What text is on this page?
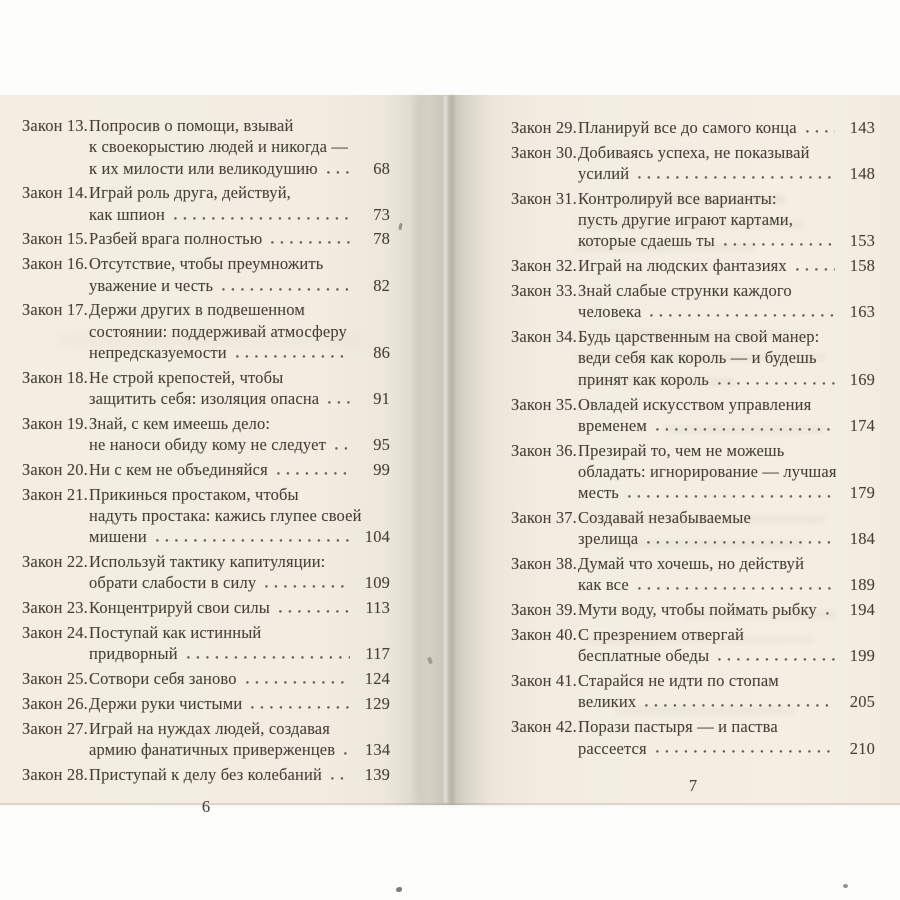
Закон 13. Попросив о помощи, взывай
к своекорыстию людей и никогда —
к их милости или великодушию	68
Закон 14. Играй роль друга, действуй,
как шпион	73
Закон 15. Разбей врага полностью	78
Закон 16. Отсутствие, чтобы преумножить
уважение и честь	82
Закон 17. Держи других в подвешенном
состоянии: поддерживай атмосферу
непредсказуемости	86
Закон 18. Не строй крепостей, чтобы
защитить себя: изоляция опасна	91
Закон 19. Знай, с кем имеешь дело:
не наноси обиду кому не следует	95
Закон 20. Ни с кем не объединяйся	99
Закон 21. Прикинься простаком, чтобы
надуть простака: кажись глупее своей
мишени	104
Закон 22. Используй тактику капитуляции:
обрати слабости в силу	109
Закон 23. Концентрируй свои силы	113
Закон 24. Поступай как истинный
придворный	117
Закон 25. Сотвори себя заново	124
Закон 26. Держи руки чистыми	129
Закон 27. Играй на нуждах людей, создавая
армию фанатичных приверженцев 134
Закон 28. Приступай к делу без колебаний	139
6
Закон 29. Планируй все до самого конца	143
Закон 30. Добиваясь успеха, не показывай
усилий	148
Закон 31. Контролируй все варианты:
пусть другие играют картами,
которые сдаешь ты	153
Закон 32. Играй на людских фантазиях	158
Закон 33. Знай слабые струнки каждого
человека	163
Закон 34. Будь царственным на свой манер:
веди себя как король — и будешь
принят как король	169
Закон 35. Овладей искусством управления
временем	174
Закон 36. Презирай то, чем не можешь
обладать: игнорирование — лучшая
месть	179
Закон 37. Создавай незабываемые
зрелища	184
Закон 38. Думай что хочешь, но действуй
как все	189
Закон 39. Мути воду, чтобы поймать рыбку 194
Закон 40. С презрением отвергай
бесплатные обеды	199
Закон 41. Старайся не идти по стопам
великих	205
Закон 42. Порази пастыря — и паства
рассеется	210
7
